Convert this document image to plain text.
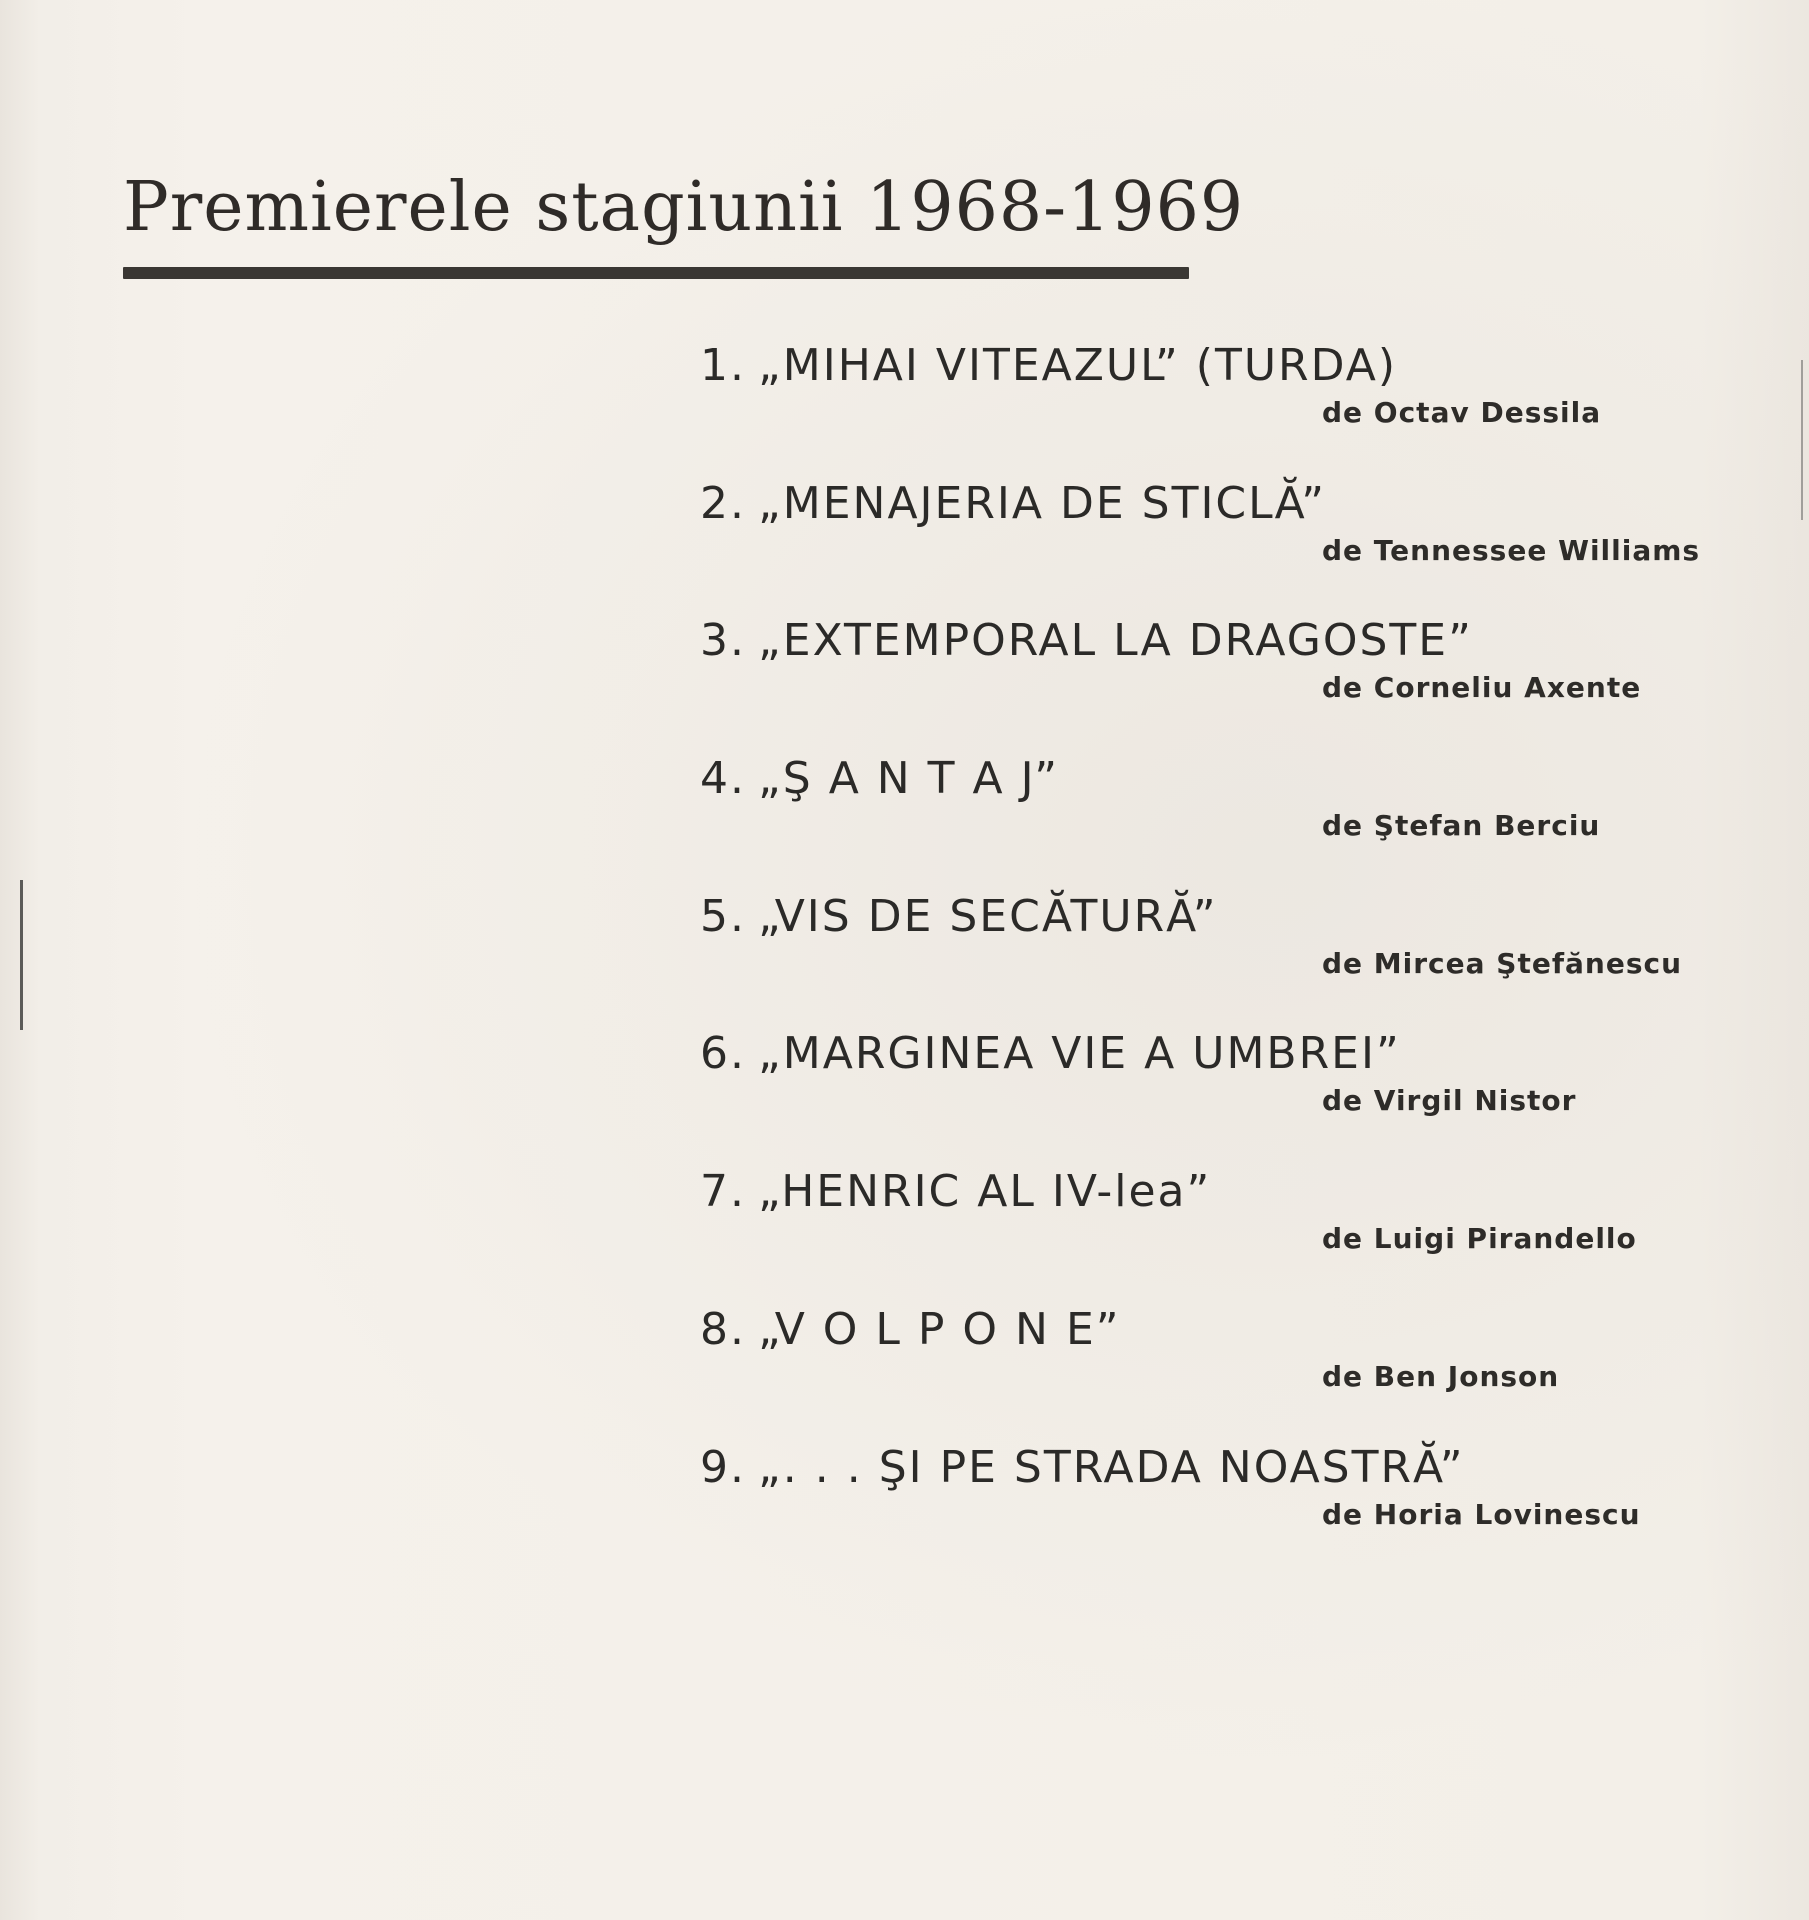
Premierele stagiunii 1968-1969
1. „MIHAI VITEAZUL” (TURDA)
de Octav Dessila
2. „MENAJERIA DE STICLĂ”
de Tennessee Williams
3. „EXTEMPORAL LA DRAGOSTE”
de Corneliu Axente
4. „Ş A N T A J”
de Ştefan Berciu
5. „VIS DE SECĂTURĂ”
de Mircea Ştefănescu
6. „MARGINEA VIE A UMBREI”
de Virgil Nistor
7. „HENRIC AL IV-lea”
de Luigi Pirandello
8. „V O L P O N E”
de Ben Jonson
9. „. . . ŞI PE STRADA NOASTRĂ”
de Horia Lovinescu
